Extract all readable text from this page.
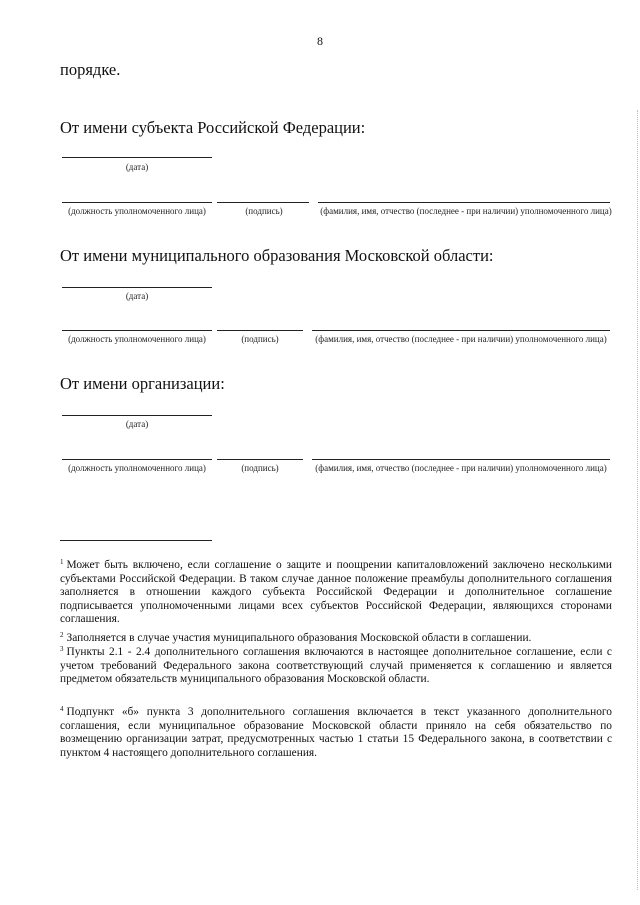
8
порядке.
От имени субъекта Российской Федерации:
(дата)
(должность уполномоченного лица)	(подпись)	(фамилия, имя, отчество (последнее - при наличии) уполномоченного лица)
От имени муниципального образования Московской области:
(дата)
(должность уполномоченного лица)	(подпись)	(фамилия, имя, отчество (последнее - при наличии) уполномоченного лица)
От имени организации:
(дата)
(должность уполномоченного лица)	(подпись)	(фамилия, имя, отчество (последнее - при наличии) уполномоченного лица)
$^1$ Может быть включено, если соглашение о защите и поощрении капиталовложений заключено несколькими субъектами Российской Федерации. В таком случае данное положение преамбулы дополнительного соглашения заполняется в отношении каждого субъекта Российской Федерации и дополнительное соглашение подписывается уполномоченными лицами всех субъектов Российской Федерации, являющихся сторонами соглашения.
$^2$ Заполняется в случае участия муниципального образования Московской области в соглашении.
$^3$ Пункты 2.1 - 2.4 дополнительного соглашения включаются в настоящее дополнительное соглашение, если с учетом требований Федерального закона соответствующий случай применяется к соглашению и является предметом обязательств муниципального образования Московской области.
$^4$ Подпункт «б» пункта 3 дополнительного соглашения включается в текст указанного дополнительного соглашения, если муниципальное образование Московской области приняло на себя обязательство по возмещению организации затрат, предусмотренных частью 1 статьи 15 Федерального закона, в соответствии с пунктом 4 настоящего дополнительного соглашения.
